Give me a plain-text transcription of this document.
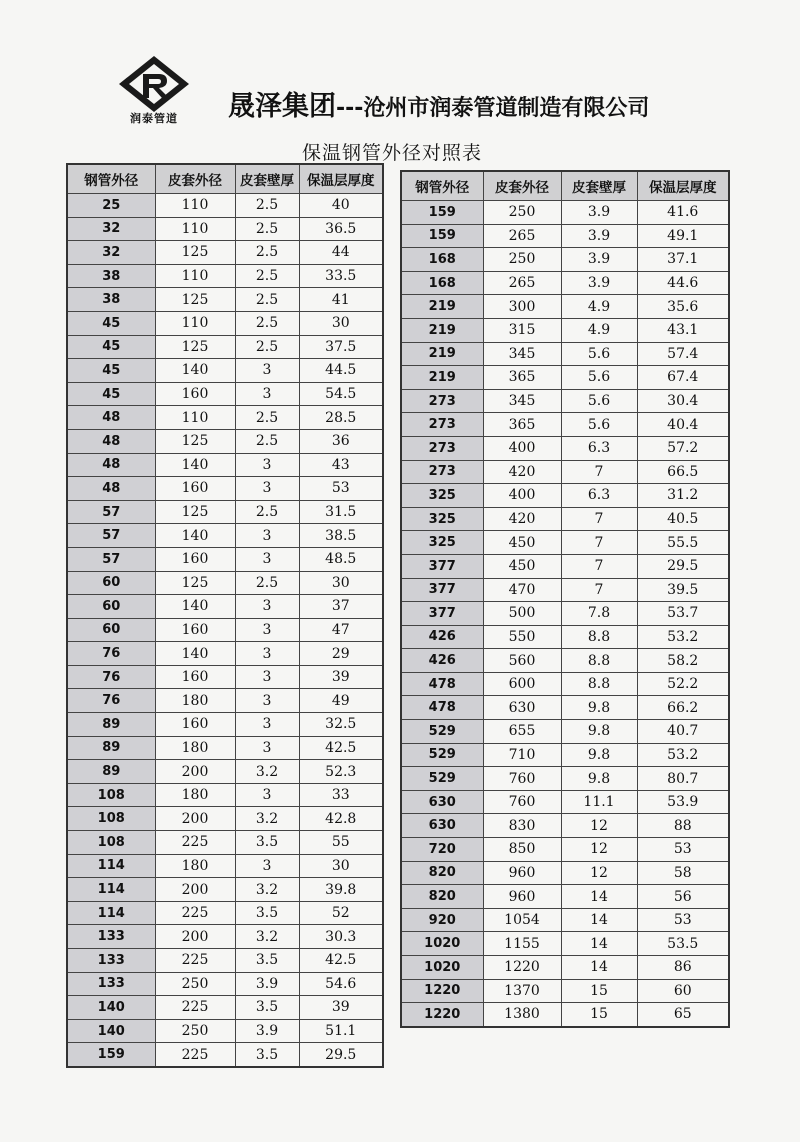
润泰管道	晟泽集团---沧州市润泰管道制造有限公司
保温钢管外径对照表
钢管外径	皮套外径	皮套壁厚	保温层厚度
25	110	2.5	40
32	110	2.5	36.5
32	125	2.5	44
38	110	2.5	33.5
38	125	2.5	41
45	110	2.5	30
45	125	2.5	37.5
45	140	3	44.5
45	160	3	54.5
48	110	2.5	28.5
48	125	2.5	36
48	140	3	43
48	160	3	53
57	125	2.5	31.5
57	140	3	38.5
57	160	3	48.5
60	125	2.5	30
60	140	3	37
60	160	3	47
76	140	3	29
76	160	3	39
76	180	3	49
89	160	3	32.5
89	180	3	42.5
89	200	3.2	52.3
108	180	3	33
108	200	3.2	42.8
108	225	3.5	55
114	180	3	30
114	200	3.2	39.8
114	225	3.5	52
133	200	3.2	30.3
133	225	3.5	42.5
133	250	3.9	54.6
140	225	3.5	39
140	250	3.9	51.1
159	225	3.5	29.5
钢管外径	皮套外径	皮套壁厚	保温层厚度
159	250	3.9	41.6
159	265	3.9	49.1
168	250	3.9	37.1
168	265	3.9	44.6
219	300	4.9	35.6
219	315	4.9	43.1
219	345	5.6	57.4
219	365	5.6	67.4
273	345	5.6	30.4
273	365	5.6	40.4
273	400	6.3	57.2
273	420	7	66.5
325	400	6.3	31.2
325	420	7	40.5
325	450	7	55.5
377	450	7	29.5
377	470	7	39.5
377	500	7.8	53.7
426	550	8.8	53.2
426	560	8.8	58.2
478	600	8.8	52.2
478	630	9.8	66.2
529	655	9.8	40.7
529	710	9.8	53.2
529	760	9.8	80.7
630	760	11.1	53.9
630	830	12	88
720	850	12	53
820	960	12	58
820	960	14	56
920	1054	14	53
1020	1155	14	53.5
1020	1220	14	86
1220	1370	15	60
1220	1380	15	65
